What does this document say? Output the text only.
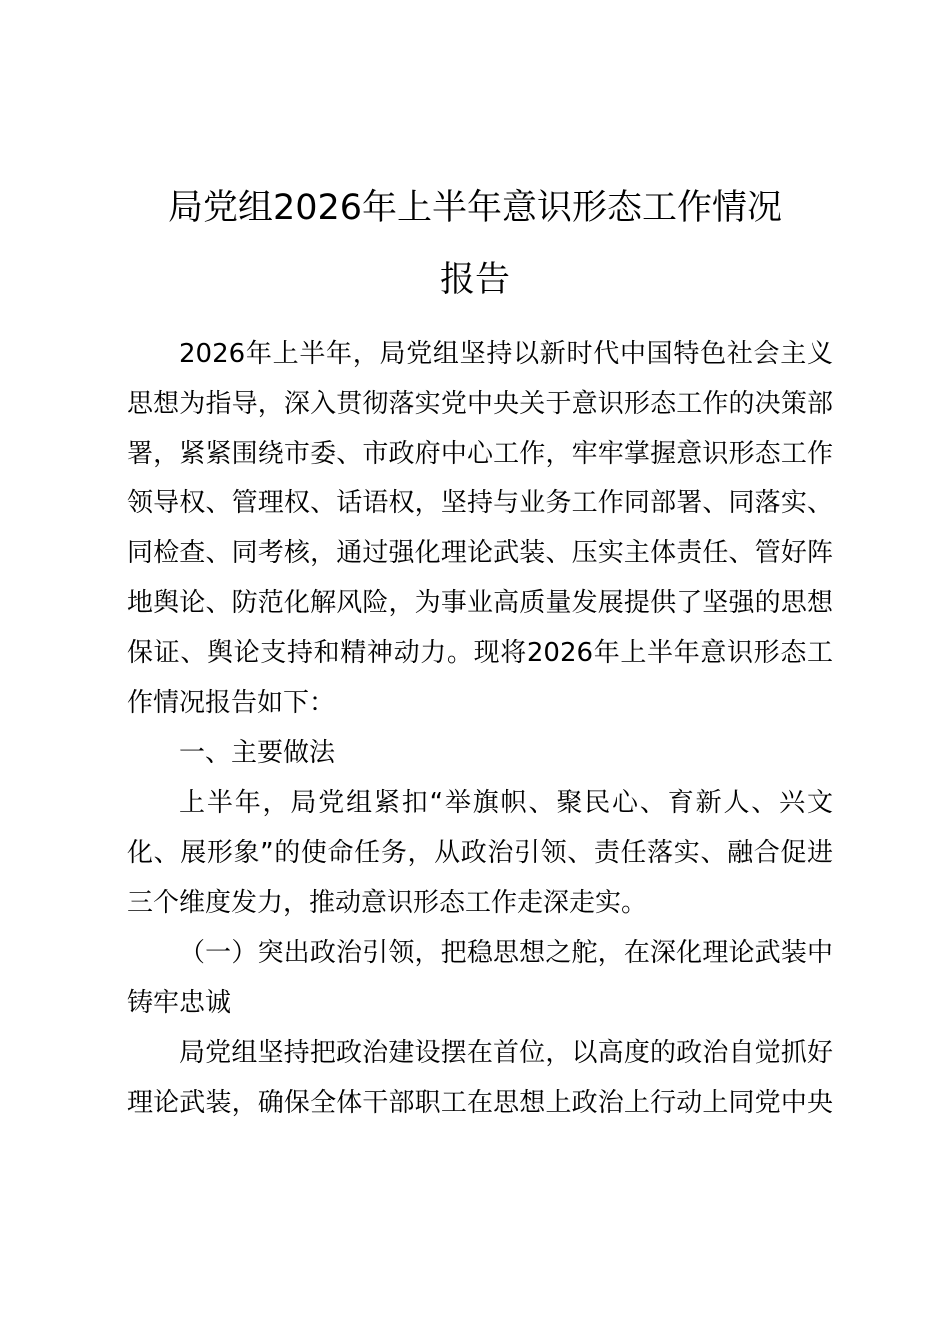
局党组2026年上半年意识形态工作情况
报告

2026年上半年，局党组坚持以新时代中国特色社会主义

思想为指导，深入贯彻落实党中央关于意识形态工作的决策部

署，紧紧围绕市委、市政府中心工作，牢牢掌握意识形态工作

领导权、管理权、话语权，坚持与业务工作同部署、同落实、

同检查、同考核，通过强化理论武装、压实主体责任、管好阵

地舆论、防范化解风险，为事业高质量发展提供了坚强的思想

保证、舆论支持和精神动力。现将2026年上半年意识形态工

作情况报告如下：

一、主要做法

上半年，局党组紧扣“举旗帜、聚民心、育新人、兴文

化、展形象”的使命任务，从政治引领、责任落实、融合促进

三个维度发力，推动意识形态工作走深走实。

（一）突出政治引领，把稳思想之舵，在深化理论武装中

铸牢忠诚

局党组坚持把政治建设摆在首位，以高度的政治自觉抓好

理论武装，确保全体干部职工在思想上政治上行动上同党中央
